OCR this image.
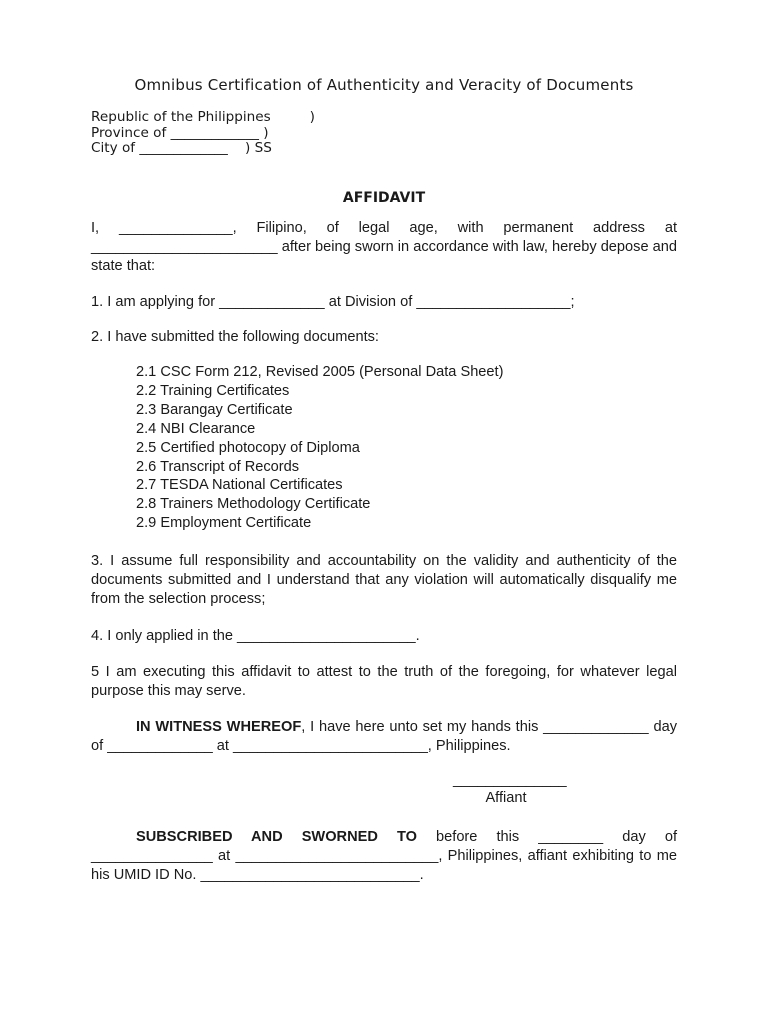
Omnibus Certification of Authenticity and Veracity of Documents
Republic of the Philippines         )
Province of _____________ )
City of _____________    ) SS
AFFIDAVIT
I, ______________, Filipino, of legal age, with permanent address at _______________________ after being sworn in accordance with law, hereby depose and state that:
1. I am applying for _____________ at Division of ___________________;
2. I have submitted the following documents:
2.1 CSC Form 212, Revised 2005 (Personal Data Sheet)
2.2 Training Certificates
2.3 Barangay Certificate
2.4 NBI Clearance
2.5 Certified photocopy of Diploma
2.6 Transcript of Records
2.7 TESDA National Certificates
2.8 Trainers Methodology Certificate
2.9 Employment Certificate
3. I assume full responsibility and accountability on the validity and authenticity of the documents submitted and I understand that any violation will automatically disqualify me from the selection process;
4. I only applied in the ______________________.
5 I am executing this affidavit to attest to the truth of the foregoing, for whatever legal purpose this may serve.
IN WITNESS WHEREOF, I have here unto set my hands this _____________ day of _____________ at ________________________, Philippines.
______________
Affiant
SUBSCRIBED AND SWORNED TO before this ________ day of _______________ at _________________________, Philippines, affiant exhibiting to me his UMID ID No. ___________________________.
